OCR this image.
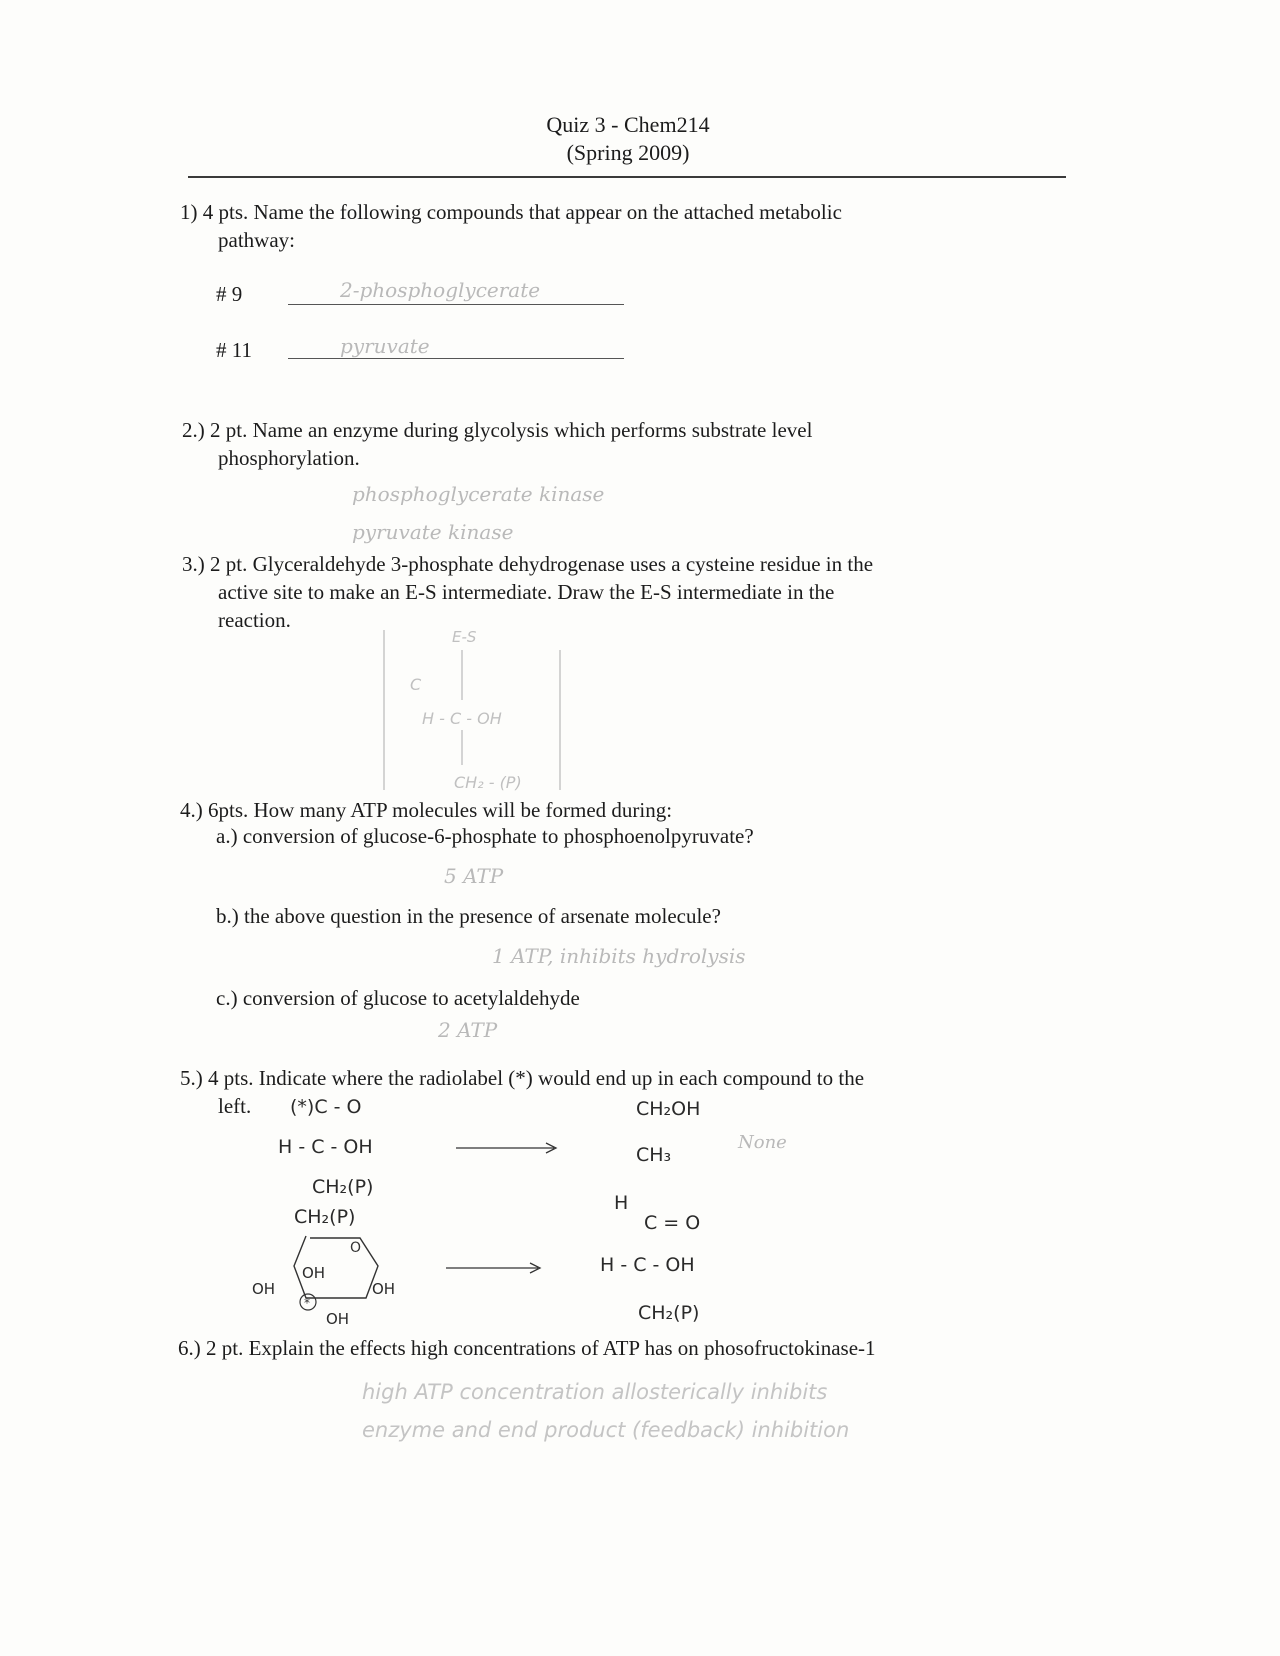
Quiz 3 - Chem214
(Spring 2009)
1) 4 pts. Name the following compounds that appear on the attached metabolic
pathway:
# 9	2-phosphoglycerate
# 11	pyruvate
2.) 2 pt. Name an enzyme during glycolysis which performs substrate level
phosphorylation.
phosphoglycerate kinase
pyruvate kinase
3.) 2 pt. Glyceraldehyde 3-phosphate dehydrogenase uses a cysteine residue in the
active site to make an E-S intermediate. Draw the E-S intermediate in the
reaction.
E-S
C
H - C - OH
CH₂ - (P)
4.) 6pts. How many ATP molecules will be formed during:
a.) conversion of glucose-6-phosphate to phosphoenolpyruvate?
5 ATP
b.) the above question in the presence of arsenate molecule?
1 ATP, inhibits hydrolysis
c.) conversion of glucose to acetylaldehyde
2 ATP
5.) 4 pts. Indicate where the radiolabel (*) would end up in each compound to the
left. (*)C - O
H - C - OH
CH₂(P)
CH₂OH
CH₃
None
CH₂(P)
O
*
OH
OH
OH
OH
H
C = O
H - C - OH
CH₂(P)
6.) 2 pt. Explain the effects high concentrations of ATP has on phosofructokinase-1
high ATP concentration allosterically inhibits
enzyme and end product (feedback) inhibition
